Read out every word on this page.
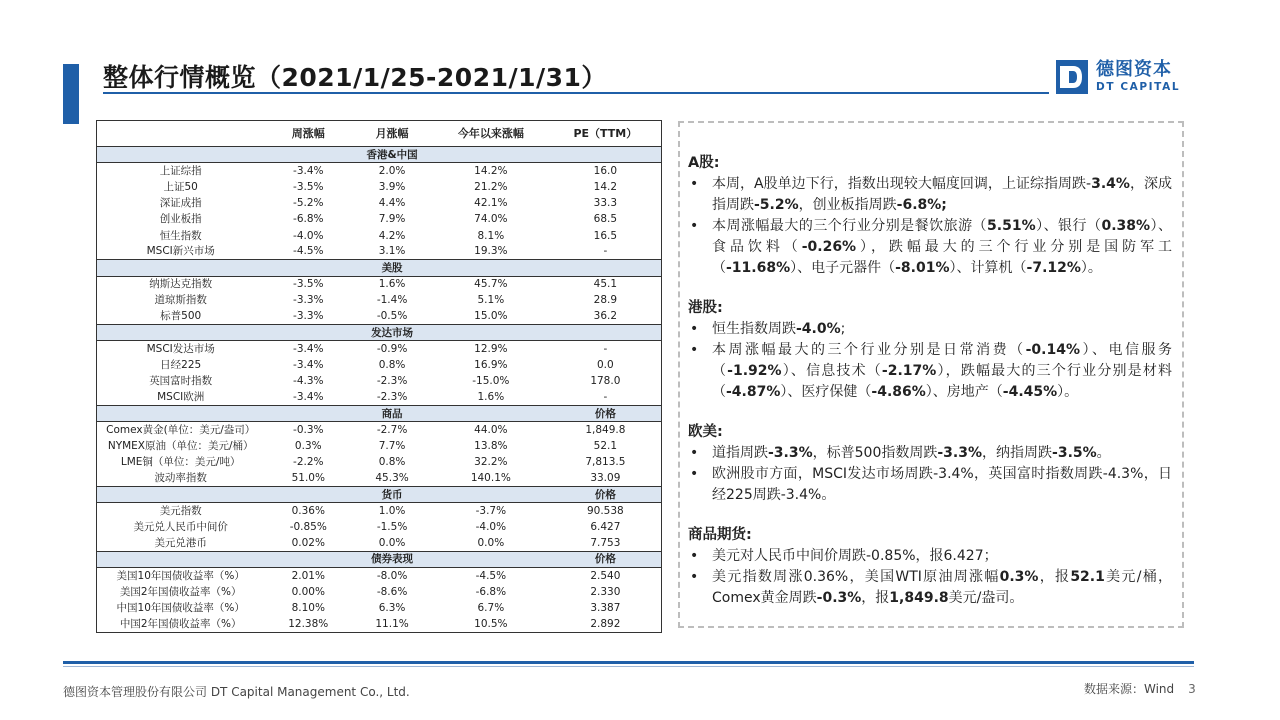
整体行情概览（2021/1/25-2021/1/31）	德图资本
DT CAPITAL
	周涨幅	月涨幅	今年以来涨幅	PE（TTM）
		香港&中国		
上证综指	-3.4%	2.0%	14.2%	16.0
上证50	-3.5%	3.9%	21.2%	14.2
深证成指	-5.2%	4.4%	42.1%	33.3
创业板指	-6.8%	7.9%	74.0%	68.5
恒生指数	-4.0%	4.2%	8.1%	16.5
MSCI新兴市场	-4.5%	3.1%	19.3%	-
		美股		
纳斯达克指数	-3.5%	1.6%	45.7%	45.1
道琼斯指数	-3.3%	-1.4%	5.1%	28.9
标普500	-3.3%	-0.5%	15.0%	36.2
		发达市场		
MSCI发达市场	-3.4%	-0.9%	12.9%	-
日经225	-3.4%	0.8%	16.9%	0.0
英国富时指数	-4.3%	-2.3%	-15.0%	178.0
MSCI欧洲	-3.4%	-2.3%	1.6%	-
		商品		价格
Comex黄金(单位：美元/盎司）	-0.3%	-2.7%	44.0%	1,849.8
NYMEX原油（单位：美元/桶）	0.3%	7.7%	13.8%	52.1
LME铜（单位：美元/吨）	-2.2%	0.8%	32.2%	7,813.5
波动率指数	51.0%	45.3%	140.1%	33.09
		货币		价格
美元指数	0.36%	1.0%	-3.7%	90.538
美元兑人民币中间价	-0.85%	-1.5%	-4.0%	6.427
美元兑港币	0.02%	0.0%	0.0%	7.753
		债券表现		价格
美国10年国债收益率（%）	2.01%	-8.0%	-4.5%	2.540
美国2年国债收益率（%）	0.00%	-8.6%	-6.8%	2.330
中国10年国债收益率（%）	8.10%	6.3%	6.7%	3.387
中国2年国债收益率（%）	12.38%	11.1%	10.5%	2.892
A股:
• 本周，A股单边下行，指数出现较大幅度回调，上证综指周跌-3.4%，深成指周跌-5.2%，创业板指周跌-6.8%;
• 本周涨幅最大的三个行业分别是餐饮旅游（5.51%）、银行（0.38%）、食品饮料（-0.26%），跌幅最大的三个行业分别是国防军工（-11.68%）、电子元器件（-8.01%）、计算机（-7.12%）。
港股:
• 恒生指数周跌-4.0%;
• 本周涨幅最大的三个行业分别是日常消费（-0.14%）、电信服务（-1.92%）、信息技术（-2.17%），跌幅最大的三个行业分别是材料（-4.87%）、医疗保健（-4.86%）、房地产（-4.45%）。
欧美:
• 道指周跌-3.3%，标普500指数周跌-3.3%，纳指周跌-3.5%。
• 欧洲股市方面，MSCI发达市场周跌-3.4%，英国富时指数周跌-4.3%，日经225周跌-3.4%。
商品期货:
• 美元对人民币中间价周跌-0.85%，报6.427；
• 美元指数周涨0.36%，美国WTI原油周涨幅0.3%，报52.1美元/桶，Comex黄金周跌-0.3%，报1,849.8美元/盎司。
德图资本管理股份有限公司 DT Capital Management Co., Ltd.	数据来源：Wind 3
